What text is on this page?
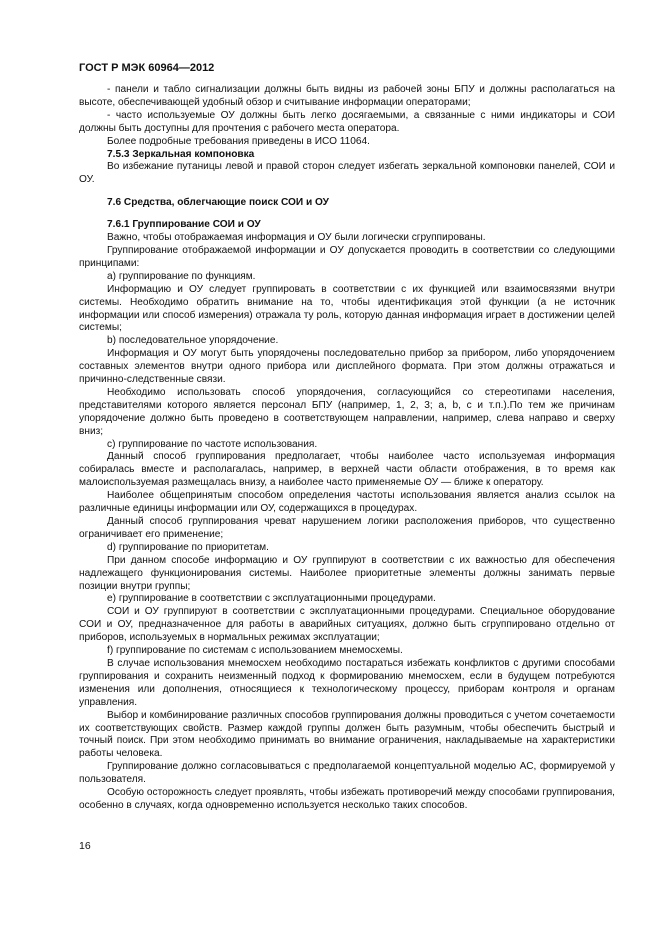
ГОСТ Р МЭК 60964—2012

- панели и табло сигнализации должны быть видны из рабочей зоны БПУ и должны располагаться на высоте, обеспечивающей удобный обзор и считывание информации операторами;

- часто используемые ОУ должны быть легко досягаемыми, а связанные с ними индикаторы и СОИ должны быть доступны для прочтения с рабочего места оператора.

Более подробные требования приведены в ИСО 11064.

7.5.3 Зеркальная компоновка

Во избежание путаницы левой и правой сторон следует избегать зеркальной компоновки панелей, СОИ и ОУ.

7.6 Средства, облегчающие поиск СОИ и ОУ

7.6.1 Группирование СОИ и ОУ

Важно, чтобы отображаемая информация и ОУ были логически сгруппированы.

Группирование отображаемой информации и ОУ допускается проводить в соответствии со следующими принципами:

a) группирование по функциям.

Информацию и ОУ следует группировать в соответствии с их функцией или взаимосвязями внутри системы. Необходимо обратить внимание на то, чтобы идентификация этой функции (а не источник информации или способ измерения) отражала ту роль, которую данная информация играет в достижении целей системы;

b) последовательное упорядочение.

Информация и ОУ могут быть упорядочены последовательно прибор за прибором, либо упорядочением составных элементов внутри одного прибора или дисплейного формата. При этом должны отражаться и причинно-следственные связи.

Необходимо использовать способ упорядочения, согласующийся со стереотипами населения, представителями которого является персонал БПУ (например, 1, 2, 3; a, b, c и т.п.).По тем же причинам упорядочение должно быть проведено в соответствующем направлении, например, слева направо и сверху вниз;

c) группирование по частоте использования.

Данный способ группирования предполагает, чтобы наиболее часто используемая информация собиралась вместе и располагалась, например, в верхней части области отображения, в то время как малоиспользуемая размещалась внизу, а наиболее часто применяемые ОУ — ближе к оператору.

Наиболее общепринятым способом определения частоты использования является анализ ссылок на различные единицы информации или ОУ, содержащихся в процедурах.

Данный способ группирования чреват нарушением логики расположения приборов, что существенно ограничивает его применение;

d) группирование по приоритетам.

При данном способе информацию и ОУ группируют в соответствии с их важностью для обеспечения надлежащего функционирования системы. Наиболее приоритетные элементы должны занимать первые позиции внутри группы;

e) группирование в соответствии с эксплуатационными процедурами.

СОИ и ОУ группируют в соответствии с эксплуатационными процедурами. Специальное оборудование СОИ и ОУ, предназначенное для работы в аварийных ситуациях, должно быть сгруппировано отдельно от приборов, используемых в нормальных режимах эксплуатации;

f) группирование по системам с использованием мнемосхемы.

В случае использования мнемосхем необходимо постараться избежать конфликтов с другими способами группирования и сохранить неизменный подход к формированию мнемосхем, если в будущем потребуются изменения или дополнения, относящиеся к технологическому процессу, приборам контроля и органам управления.

Выбор и комбинирование различных способов группирования должны проводиться с учетом сочетаемости их соответствующих свойств. Размер каждой группы должен быть разумным, чтобы обеспечить быстрый и точный поиск. При этом необходимо принимать во внимание ограничения, накладываемые на характеристики работы человека.

Группирование должно согласовываться с предполагаемой концептуальной моделью АС, формируемой у пользователя.

Особую осторожность следует проявлять, чтобы избежать противоречий между способами группирования, особенно в случаях, когда одновременно используется несколько таких способов.

16
